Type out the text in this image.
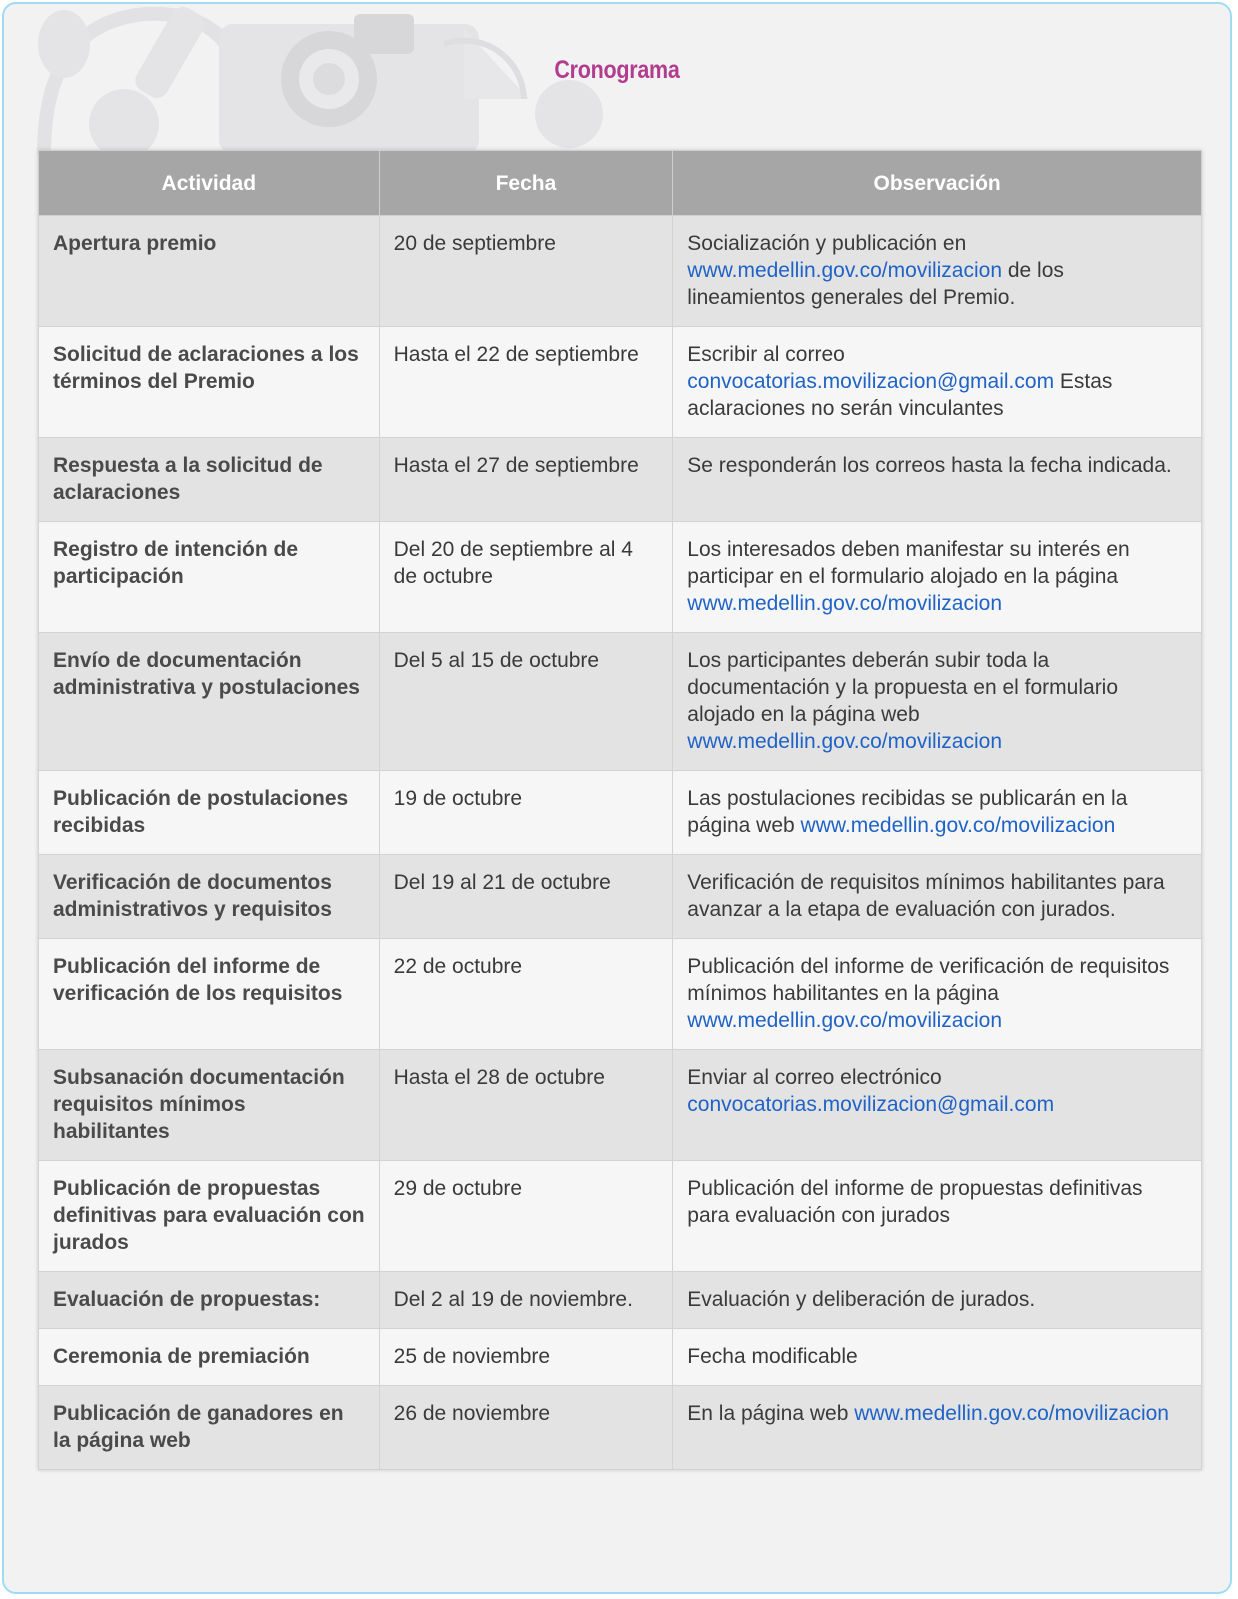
Cronograma
Actividad	Fecha	Observación
Apertura premio	20 de septiembre	Socialización y publicación en www.medellin.gov.co/movilizacion de los lineamientos generales del Premio.
Solicitud de aclaraciones a los términos del Premio	Hasta el 22 de septiembre	Escribir al correo convocatorias.movilizacion@gmail.com Estas aclaraciones no serán vinculantes
Respuesta a la solicitud de aclaraciones	Hasta el 27 de septiembre	Se responderán los correos hasta la fecha indicada.
Registro de intención de participación	Del 20 de septiembre al 4 de octubre	Los interesados deben manifestar su interés en participar en el formulario alojado en la página www.medellin.gov.co/movilizacion
Envío de documentación administrativa y postulaciones	Del 5 al 15 de octubre	Los participantes deberán subir toda la documentación y la propuesta en el formulario alojado en la página web www.medellin.gov.co/movilizacion
Publicación de postulaciones recibidas	19 de octubre	Las postulaciones recibidas se publicarán en la página web www.medellin.gov.co/movilizacion
Verificación de documentos administrativos y requisitos	Del 19 al 21 de octubre	Verificación de requisitos mínimos habilitantes para avanzar a la etapa de evaluación con jurados.
Publicación del informe de verificación de los requisitos	22 de octubre	Publicación del informe de verificación de requisitos mínimos habilitantes en la página www.medellin.gov.co/movilizacion
Subsanación documentación requisitos mínimos habilitantes	Hasta el 28 de octubre	Enviar al correo electrónico convocatorias.movilizacion@gmail.com
Publicación de propuestas definitivas para evaluación con jurados	29 de octubre	Publicación del informe de propuestas definitivas para evaluación con jurados
Evaluación de propuestas:	Del 2 al 19 de noviembre.	Evaluación y deliberación de jurados.
Ceremonia de premiación	25 de noviembre	Fecha modificable
Publicación de ganadores en la página web	26 de noviembre	En la página web www.medellin.gov.co/movilizacion
